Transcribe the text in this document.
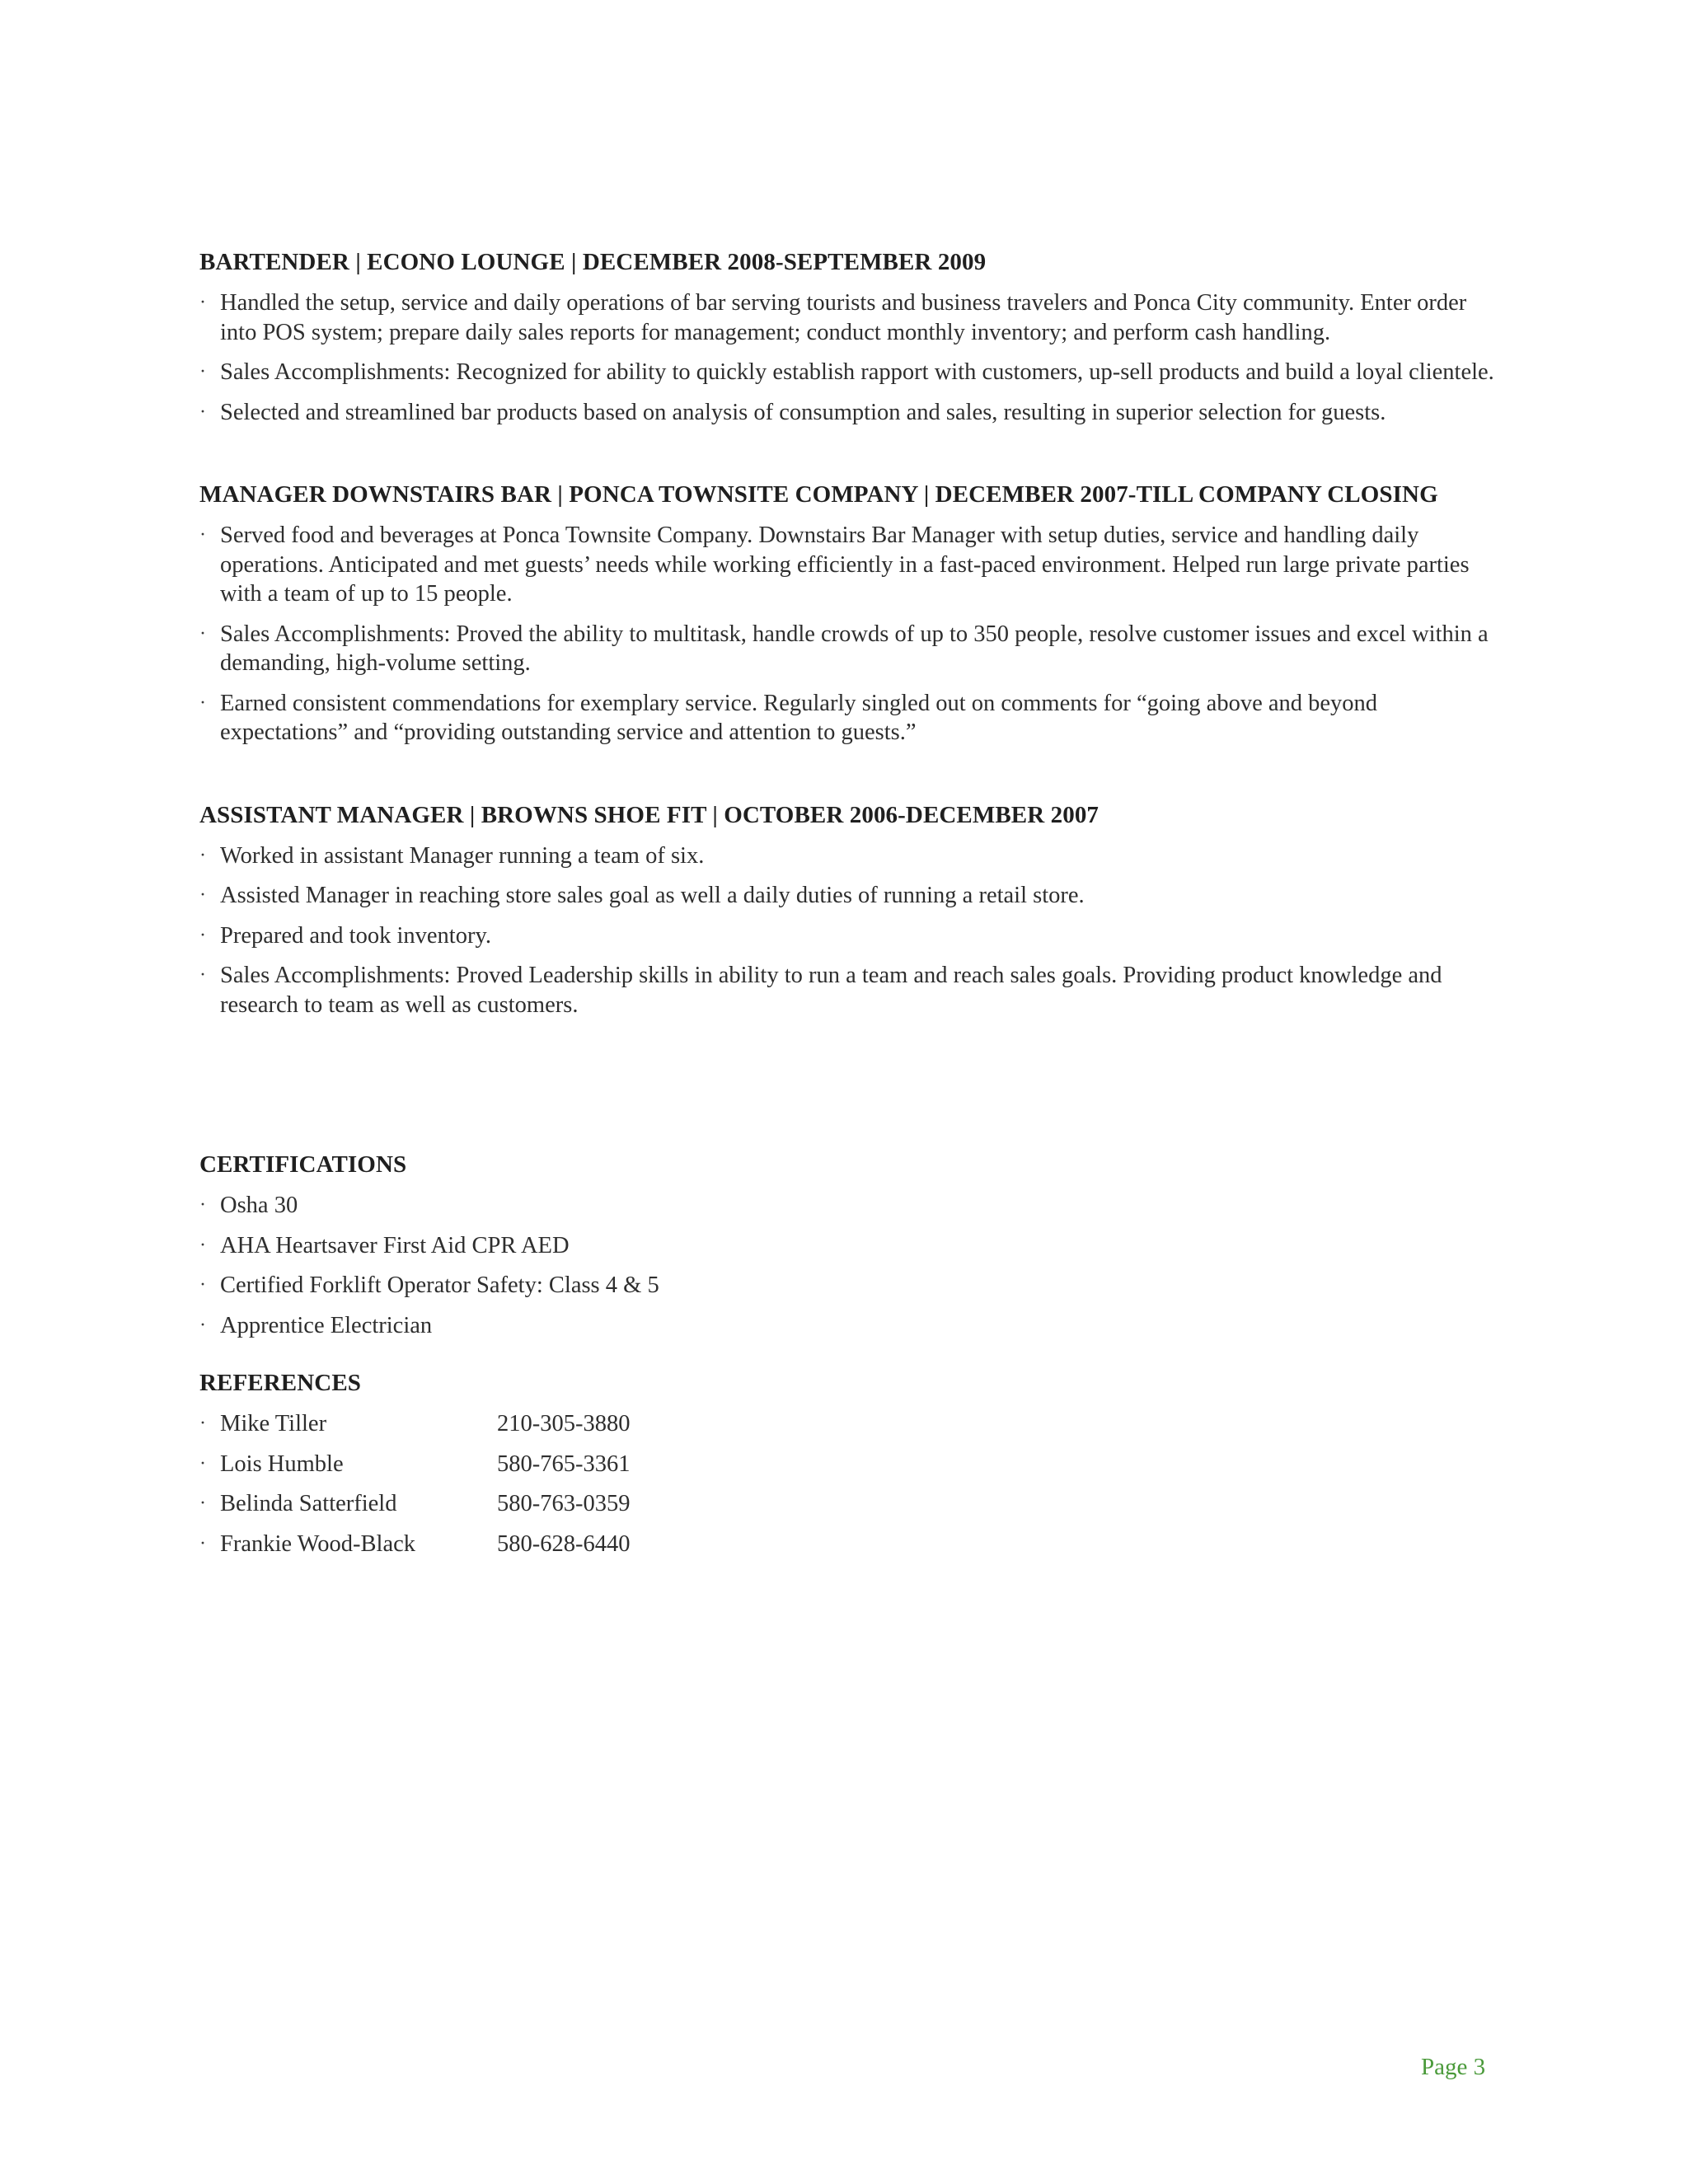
BARTENDER | ECONO LOUNGE | DECEMBER 2008-SEPTEMBER 2009
· Handled the setup, service and daily operations of bar serving tourists and business travelers and Ponca City community. Enter order into POS system; prepare daily sales reports for management; conduct monthly inventory; and perform cash handling.
· Sales Accomplishments: Recognized for ability to quickly establish rapport with customers, up-sell products and build a loyal clientele.
· Selected and streamlined bar products based on analysis of consumption and sales, resulting in superior selection for guests.
MANAGER DOWNSTAIRS BAR | PONCA TOWNSITE COMPANY | DECEMBER 2007-TILL COMPANY CLOSING
· Served food and beverages at Ponca Townsite Company. Downstairs Bar Manager with setup duties, service and handling daily operations. Anticipated and met guests’ needs while working efficiently in a fast-paced environment. Helped run large private parties with a team of up to 15 people.
· Sales Accomplishments: Proved the ability to multitask, handle crowds of up to 350 people, resolve customer issues and excel within a demanding, high-volume setting.
· Earned consistent commendations for exemplary service. Regularly singled out on comments for “going above and beyond expectations” and “providing outstanding service and attention to guests.”
ASSISTANT MANAGER | BROWNS SHOE FIT | OCTOBER 2006-DECEMBER 2007
· Worked in assistant Manager running a team of six.
· Assisted Manager in reaching store sales goal as well a daily duties of running a retail store.
· Prepared and took inventory.
· Sales Accomplishments: Proved Leadership skills in ability to run a team and reach sales goals. Providing product knowledge and research to team as well as customers.
CERTIFICATIONS
· Osha 30
· AHA Heartsaver First Aid CPR AED
· Certified Forklift Operator Safety: Class 4 & 5
· Apprentice Electrician
REFERENCES
· Mike Tiller	210-305-3880
· Lois Humble	580-765-3361
· Belinda Satterfield	580-763-0359
· Frankie Wood-Black	580-628-6440
Page 3
